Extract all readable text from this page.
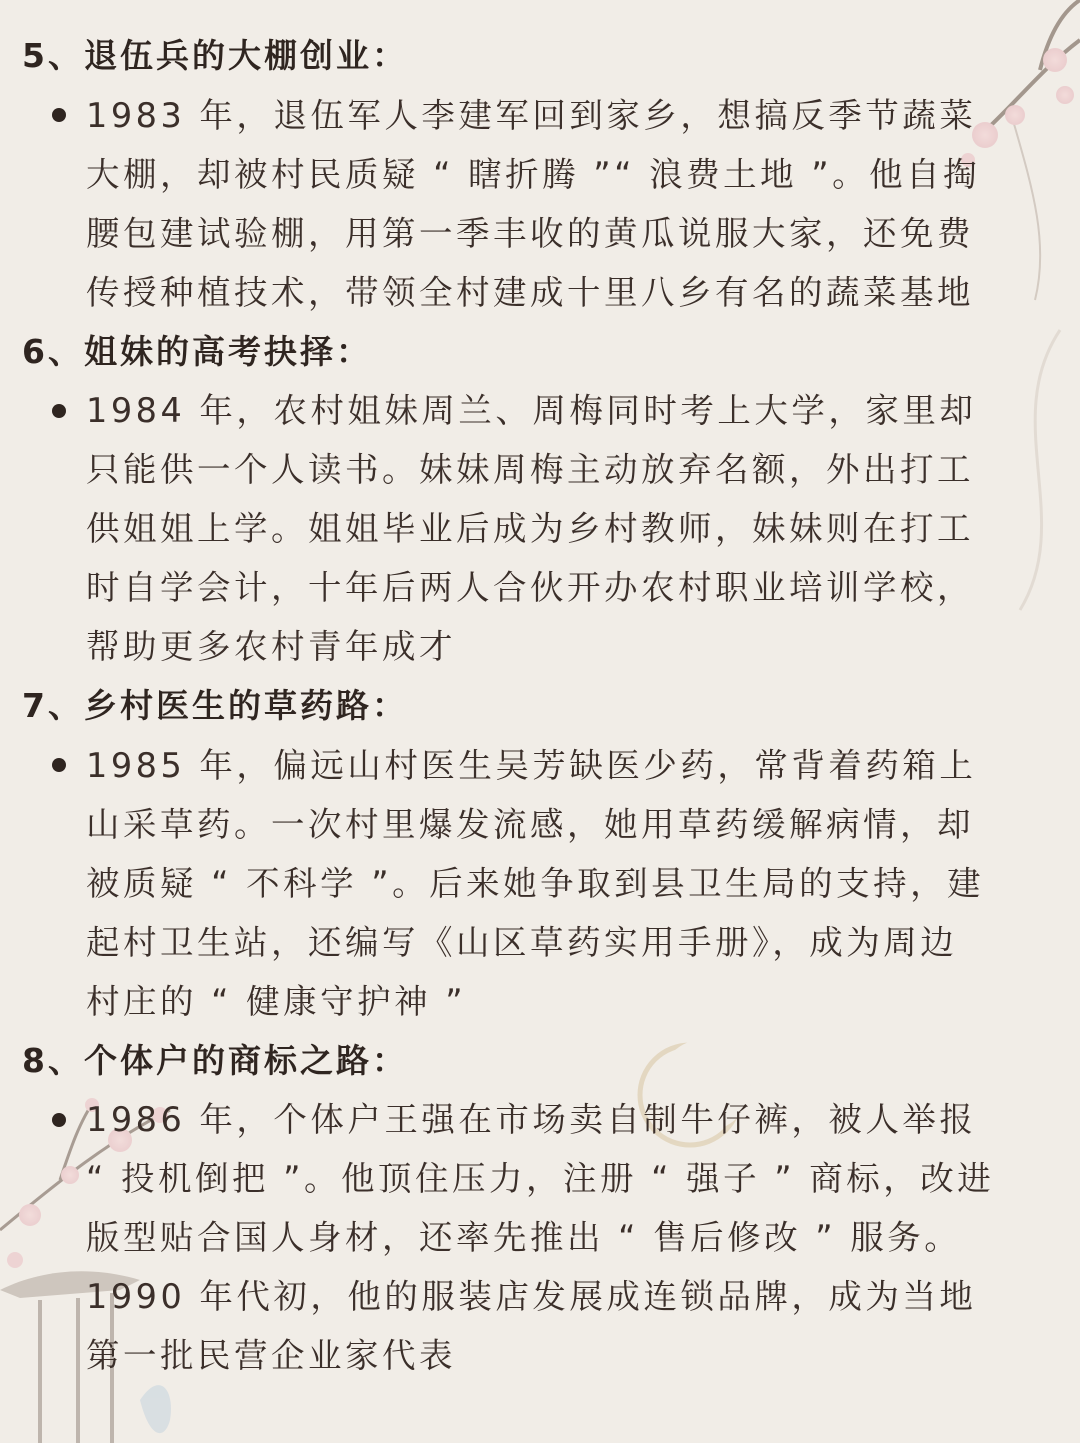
5、退伍兵的大棚创业：
1983 年，退伍军人李建军回到家乡，想搞反季节蔬菜
大棚，却被村民质疑 “ 瞎折腾 ”“ 浪费土地 ”。他自掏
腰包建试验棚，用第一季丰收的黄瓜说服大家，还免费
传授种植技术，带领全村建成十里八乡有名的蔬菜基地
6、姐妹的高考抉择：
1984 年，农村姐妹周兰、周梅同时考上大学，家里却
只能供一个人读书。妹妹周梅主动放弃名额，外出打工
供姐姐上学。姐姐毕业后成为乡村教师，妹妹则在打工
时自学会计，十年后两人合伙开办农村职业培训学校，
帮助更多农村青年成才
7、乡村医生的草药路：
1985 年，偏远山村医生吴芳缺医少药，常背着药箱上
山采草药。一次村里爆发流感，她用草药缓解病情，却
被质疑 “ 不科学 ”。后来她争取到县卫生局的支持，建
起村卫生站，还编写《山区草药实用手册》，成为周边
村庄的 “ 健康守护神 ”
8、个体户的商标之路：
1986 年，个体户王强在市场卖自制牛仔裤，被人举报
“ 投机倒把 ”。他顶住压力，注册 “ 强子 ” 商标，改进
版型贴合国人身材，还率先推出 “ 售后修改 ” 服务。
1990 年代初，他的服装店发展成连锁品牌，成为当地
第一批民营企业家代表
